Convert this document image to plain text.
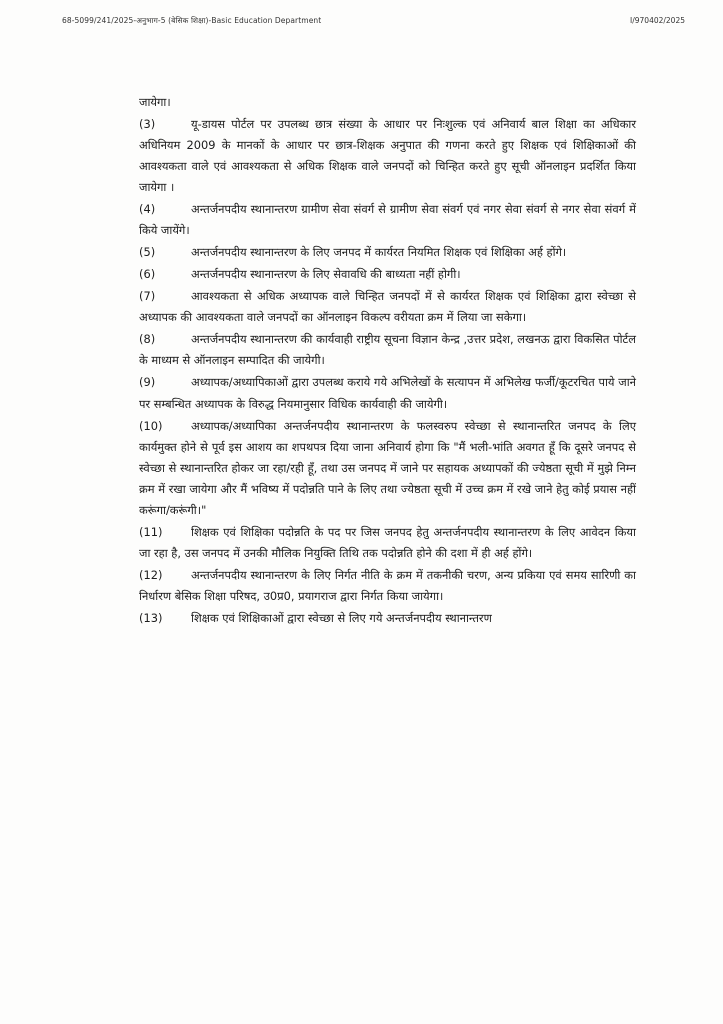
68-5099/241/2025-अनुभाग-5 (बेसिक शिक्षा)-Basic Education Department	I/970402/2025

जायेगा।

(3)	यू-डायस पोर्टल पर उपलब्ध छात्र संख्या के आधार पर निःशुल्क एवं अनिवार्य बाल शिक्षा का अधिकार अधिनियम 2009 के मानकों के आधार पर छात्र-शिक्षक अनुपात की गणना करते हुए शिक्षक एवं शिक्षिकाओं की आवश्यकता वाले एवं आवश्यकता से अधिक शिक्षक वाले जनपदों को चिन्हित करते हुए सूची ऑनलाइन प्रदर्शित किया जायेगा ।

(4)	अन्तर्जनपदीय स्थानान्तरण ग्रामीण सेवा संवर्ग से ग्रामीण सेवा संवर्ग एवं नगर सेवा संवर्ग से नगर सेवा संवर्ग में किये जायेंगे।

(5)	अन्तर्जनपदीय स्थानान्तरण के लिए जनपद में कार्यरत नियमित शिक्षक एवं शिक्षिका अर्ह होंगे।

(6)	अन्तर्जनपदीय स्थानान्तरण के लिए सेवावधि की बाध्यता नहीं होगी।

(7)	आवश्यकता से अधिक अध्यापक वाले चिन्हित जनपदों में से कार्यरत शिक्षक एवं शिक्षिका द्वारा स्वेच्छा से अध्यापक की आवश्यकता वाले जनपदों का ऑनलाइन विकल्प वरीयता क्रम में लिया जा सकेगा।

(8)	अन्तर्जनपदीय स्थानान्तरण की कार्यवाही राष्ट्रीय सूचना विज्ञान केन्द्र ,उत्तर प्रदेश, लखनऊ द्वारा विकसित पोर्टल के माध्यम से ऑनलाइन सम्पादित की जायेगी।

(9)	अध्यापक/अध्यापिकाओं द्वारा उपलब्ध कराये गये अभिलेखों के सत्यापन में अभिलेख फर्जी/कूटरचित पाये जाने पर सम्बन्धित अध्यापक के विरुद्ध नियमानुसार विधिक कार्यवाही की जायेगी।

(10)	अध्यापक/अध्यापिका अन्तर्जनपदीय स्थानान्तरण के फलस्वरुप स्वेच्छा से स्थानान्तरित जनपद के लिए कार्यमुक्त होने से पूर्व इस आशय का शपथपत्र दिया जाना अनिवार्य होगा कि "मैं भली-भांति अवगत हूँ कि दूसरे जनपद से स्वेच्छा से स्थानान्तरित होकर जा रहा/रही हूँ, तथा उस जनपद में जाने पर सहायक अध्यापकों की ज्येष्ठता सूची में मुझे निम्न क्रम में रखा जायेगा और मैं भविष्य में पदोन्नति पाने के लिए तथा ज्येष्ठता सूची में उच्च क्रम में रखे जाने हेतु कोई प्रयास नहीं करूंगा/करूंगी।"

(11)	शिक्षक एवं शिक्षिका पदोन्नति के पद पर जिस जनपद हेतु अन्तर्जनपदीय स्थानान्तरण के लिए आवेदन किया जा रहा है, उस जनपद में उनकी मौलिक नियुक्ति तिथि तक पदोन्नति होने की दशा में ही अर्ह होंगे।

(12)	अन्तर्जनपदीय स्थानान्तरण के लिए निर्गत नीति के क्रम में तकनीकी चरण, अन्य प्रकिया एवं समय सारिणी का निर्धारण बेसिक शिक्षा परिषद, उ0प्र0, प्रयागराज द्वारा निर्गत किया जायेगा।

(13)	शिक्षक एवं शिक्षिकाओं द्वारा स्वेच्छा से लिए गये अन्तर्जनपदीय स्थानान्तरण
